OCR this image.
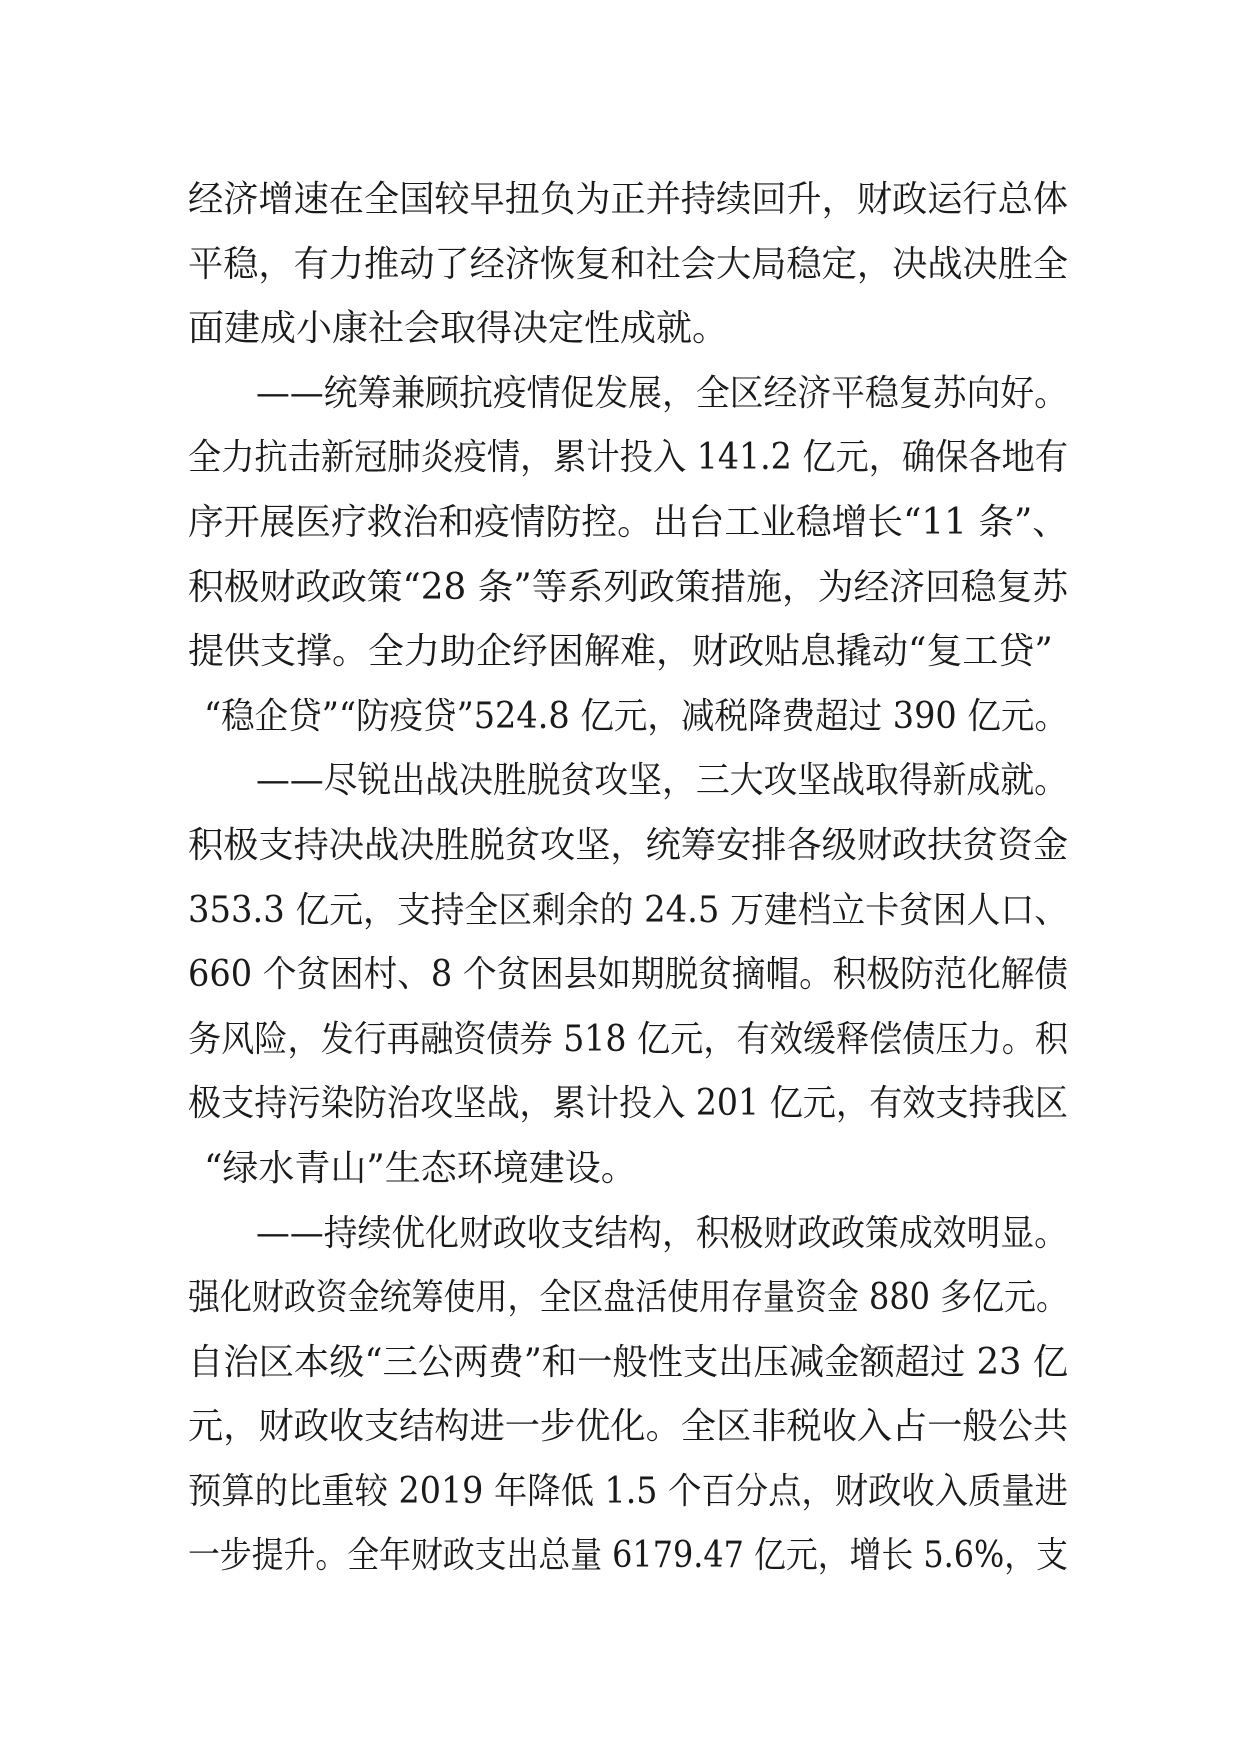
经济增速在全国较早扭负为正并持续回升，财政运行总体
平稳，有力推动了经济恢复和社会大局稳定，决战决胜全
面建成小康社会取得决定性成就。
——统筹兼顾抗疫情促发展，全区经济平稳复苏向好。
全力抗击新冠肺炎疫情，累计投入 141.2 亿元，确保各地有
序开展医疗救治和疫情防控。出台工业稳增长“11 条”、
积极财政政策“28 条”等系列政策措施，为经济回稳复苏
提供支撑。全力助企纾困解难，财政贴息撬动“复工贷”
“稳企贷”“防疫贷”524.8 亿元，减税降费超过 390 亿元。
——尽锐出战决胜脱贫攻坚，三大攻坚战取得新成就。
积极支持决战决胜脱贫攻坚，统筹安排各级财政扶贫资金
353.3 亿元，支持全区剩余的 24.5 万建档立卡贫困人口、
660 个贫困村、8 个贫困县如期脱贫摘帽。积极防范化解债
务风险，发行再融资债券 518 亿元，有效缓释偿债压力。积
极支持污染防治攻坚战，累计投入 201 亿元，有效支持我区
“绿水青山”生态环境建设。
——持续优化财政收支结构，积极财政政策成效明显。
强化财政资金统筹使用，全区盘活使用存量资金 880 多亿元。
自治区本级“三公两费”和一般性支出压减金额超过 23 亿
元，财政收支结构进一步优化。全区非税收入占一般公共
预算的比重较 2019 年降低 1.5 个百分点，财政收入质量进
一步提升。全年财政支出总量 6179.47 亿元，增长 5.6%，支
